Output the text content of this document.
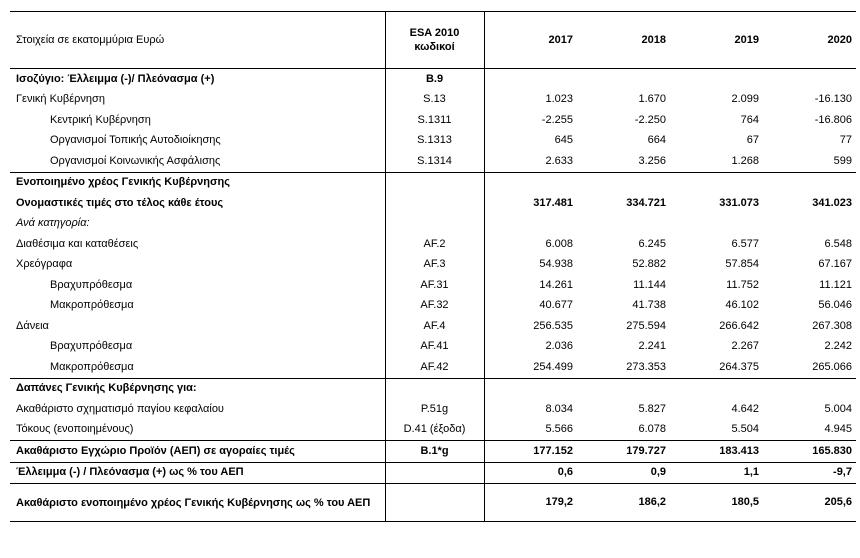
Στοιχεία σε εκατομμύρια Ευρώ	ESA 2010 κωδικοί	2017	2018	2019	2020
Ισοζύγιο: Έλλειμμα (-)/ Πλεόνασμα (+)	B.9				
Γενική Κυβέρνηση	S.13	1.023	1.670	2.099	-16.130
Κεντρική Κυβέρνηση	S.1311	-2.255	-2.250	764	-16.806
Οργανισμοί Τοπικής Αυτοδιοίκησης	S.1313	645	664	67	77
Οργανισμοί Κοινωνικής Ασφάλισης	S.1314	2.633	3.256	1.268	599
Ενοποιημένο χρέος Γενικής Κυβέρνησης					
Ονομαστικές τιμές στο τέλος κάθε έτους		317.481	334.721	331.073	341.023
Ανά κατηγορία:					
Διαθέσιμα και καταθέσεις	AF.2	6.008	6.245	6.577	6.548
Χρεόγραφα	AF.3	54.938	52.882	57.854	67.167
Βραχυπρόθεσμα	AF.31	14.261	11.144	11.752	11.121
Μακροπρόθεσμα	AF.32	40.677	41.738	46.102	56.046
Δάνεια	AF.4	256.535	275.594	266.642	267.308
Βραχυπρόθεσμα	AF.41	2.036	2.241	2.267	2.242
Μακροπρόθεσμα	AF.42	254.499	273.353	264.375	265.066
Δαπάνες Γενικής Κυβέρνησης για:					
Ακαθάριστο σχηματισμό παγίου κεφαλαίου	P.51g	8.034	5.827	4.642	5.004
Τόκους (ενοποιημένους)	D.41 (έξοδα)	5.566	6.078	5.504	4.945
Ακαθάριστο Εγχώριο Προϊόν (ΑΕΠ) σε αγοραίες τιμές	B.1*g	177.152	179.727	183.413	165.830
Έλλειμμα (-) / Πλεόνασμα (+) ως % του ΑΕΠ		0,6	0,9	1,1	-9,7
Ακαθάριστο ενοποιημένο χρέος Γενικής Κυβέρνησης ως % του ΑΕΠ		179,2	186,2	180,5	205,6
